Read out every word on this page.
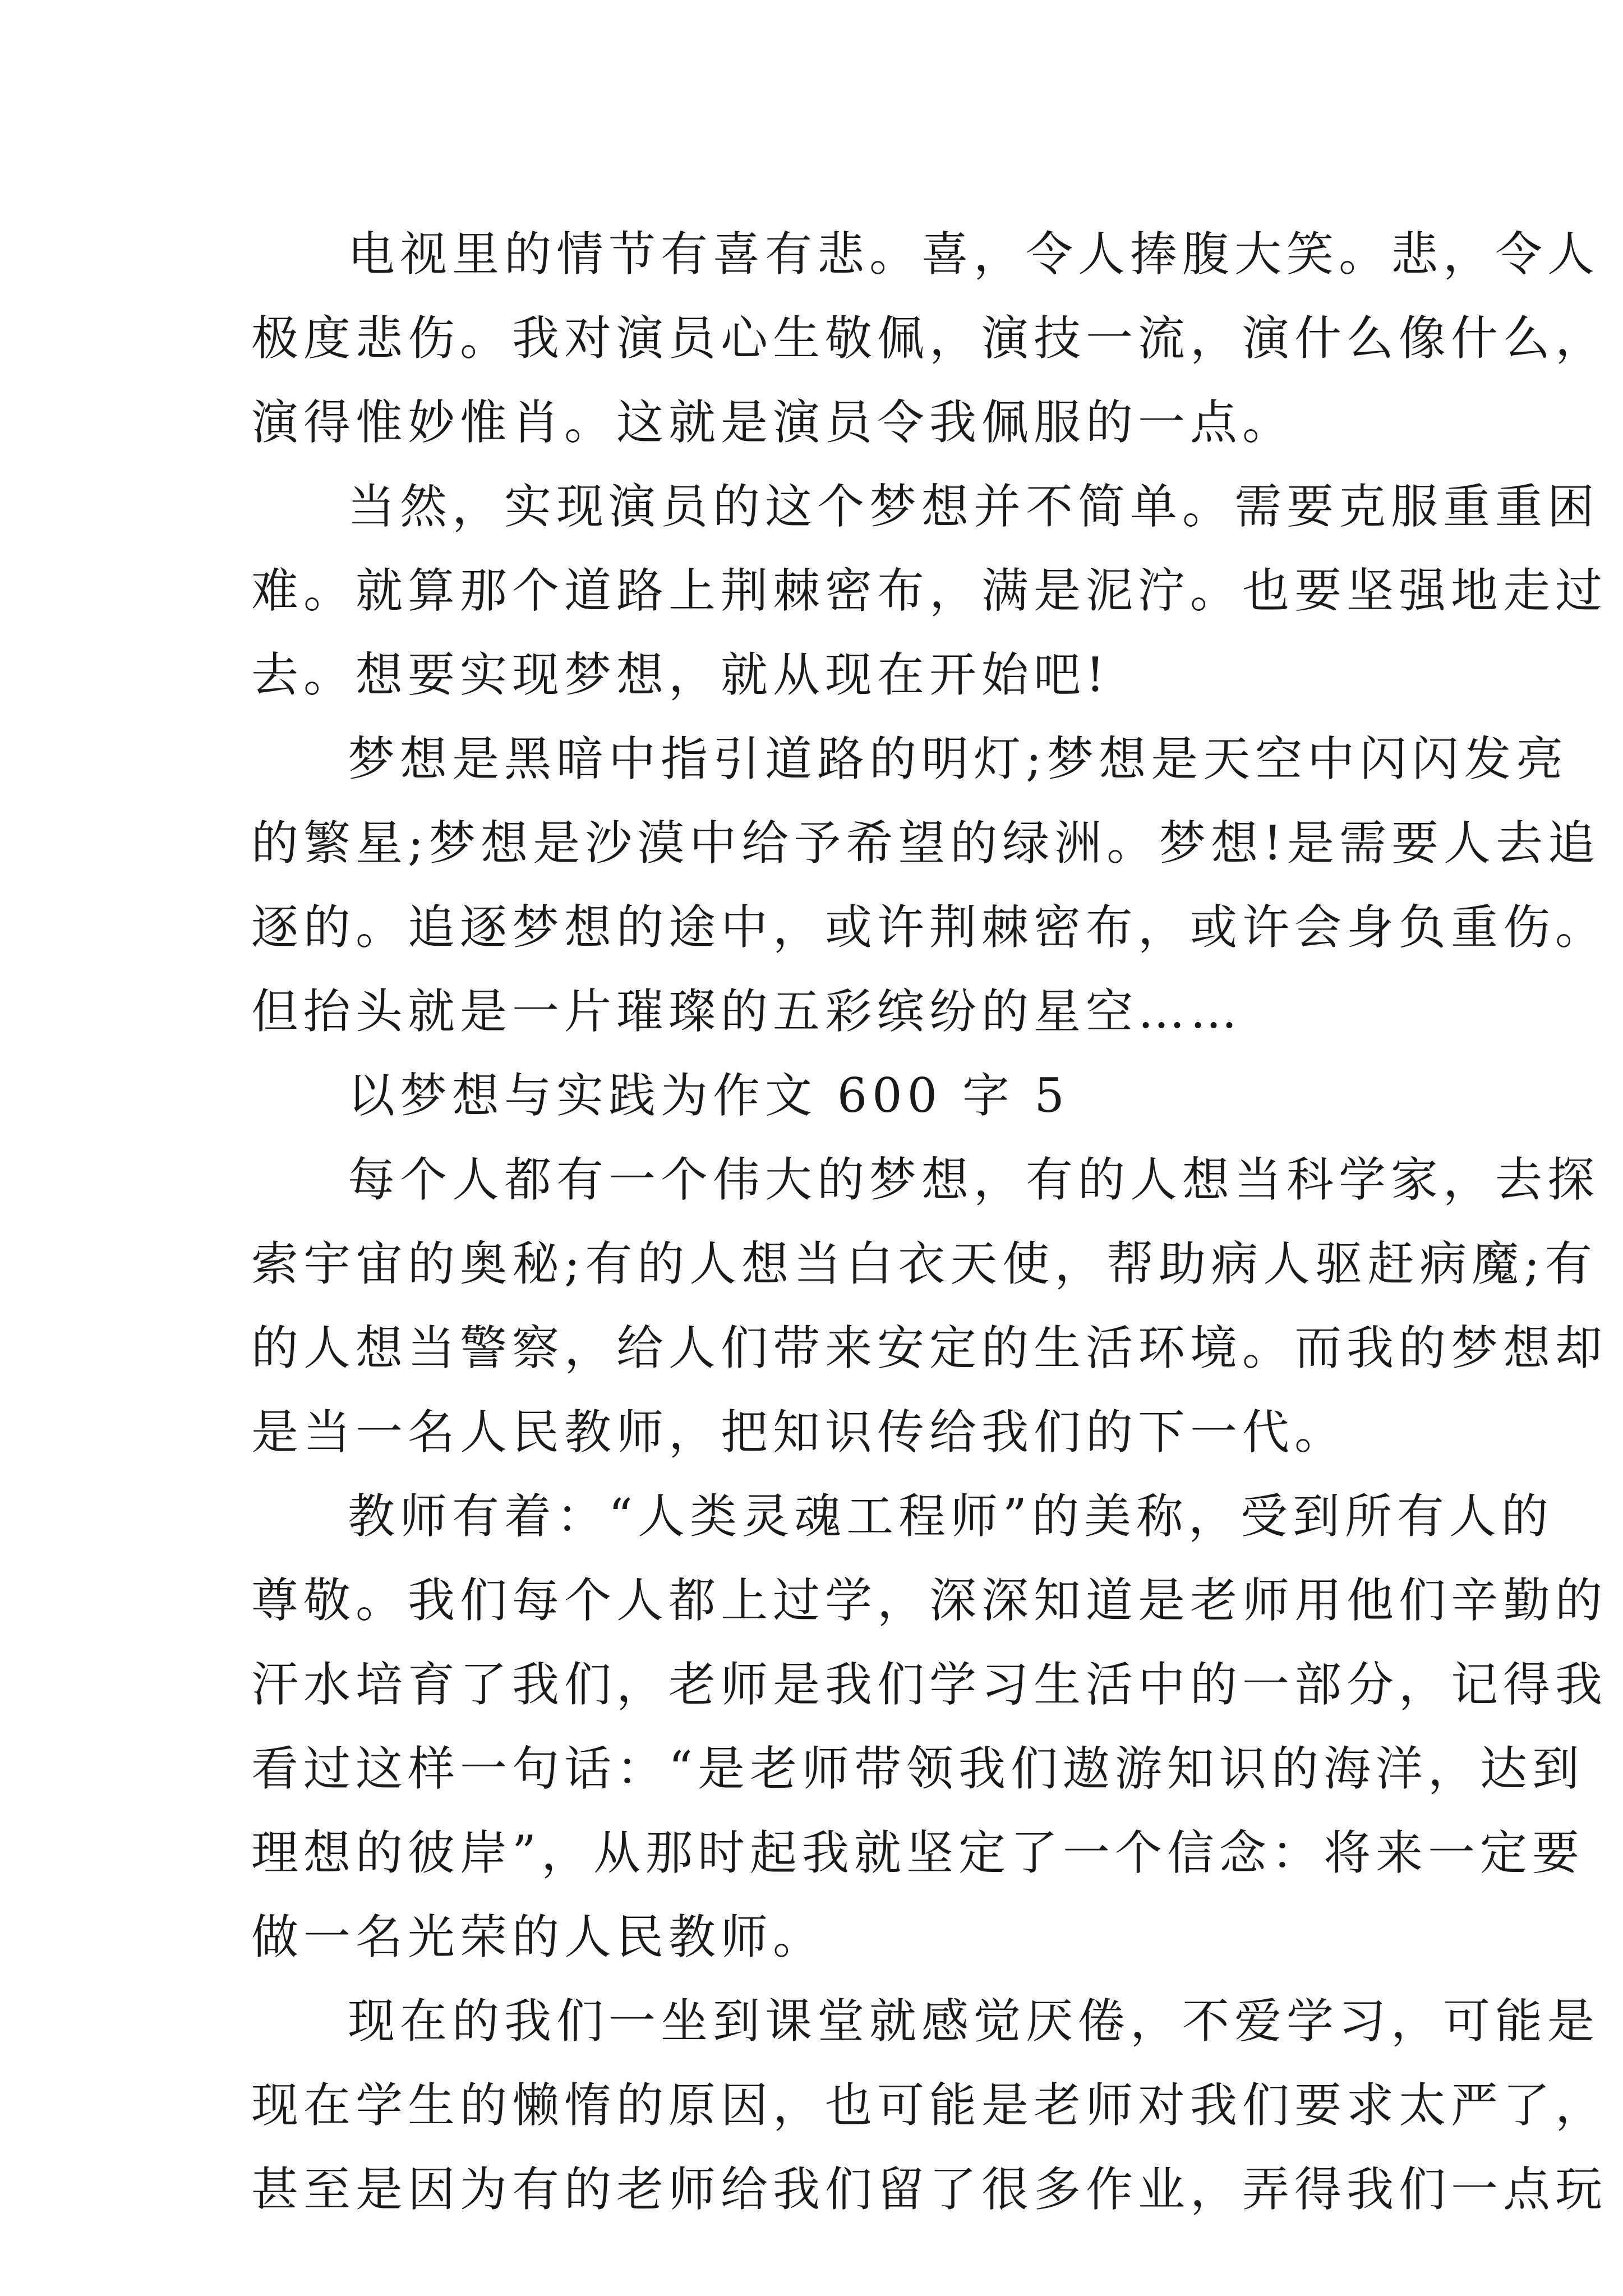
电视里的情节有喜有悲。喜，令人捧腹大笑。悲，令人
极度悲伤。我对演员心生敬佩，演技一流，演什么像什么，
演得惟妙惟肖。这就是演员令我佩服的一点。
当然，实现演员的这个梦想并不简单。需要克服重重困
难。就算那个道路上荆棘密布，满是泥泞。也要坚强地走过
去。想要实现梦想，就从现在开始吧!
梦想是黑暗中指引道路的明灯;梦想是天空中闪闪发亮
的繁星;梦想是沙漠中给予希望的绿洲。梦想!是需要人去追
逐的。追逐梦想的途中，或许荆棘密布，或许会身负重伤。
但抬头就是一片璀璨的五彩缤纷的星空……
以梦想与实践为作文 600 字 5
每个人都有一个伟大的梦想，有的人想当科学家，去探
索宇宙的奥秘;有的人想当白衣天使，帮助病人驱赶病魔;有
的人想当警察，给人们带来安定的生活环境。而我的梦想却
是当一名人民教师，把知识传给我们的下一代。
教师有着：“人类灵魂工程师”的美称，受到所有人的
尊敬。我们每个人都上过学，深深知道是老师用他们辛勤的
汗水培育了我们，老师是我们学习生活中的一部分，记得我
看过这样一句话：“是老师带领我们遨游知识的海洋，达到
理想的彼岸”，从那时起我就坚定了一个信念：将来一定要
做一名光荣的人民教师。
现在的我们一坐到课堂就感觉厌倦，不爱学习，可能是
现在学生的懒惰的原因，也可能是老师对我们要求太严了，
甚至是因为有的老师给我们留了很多作业，弄得我们一点玩
